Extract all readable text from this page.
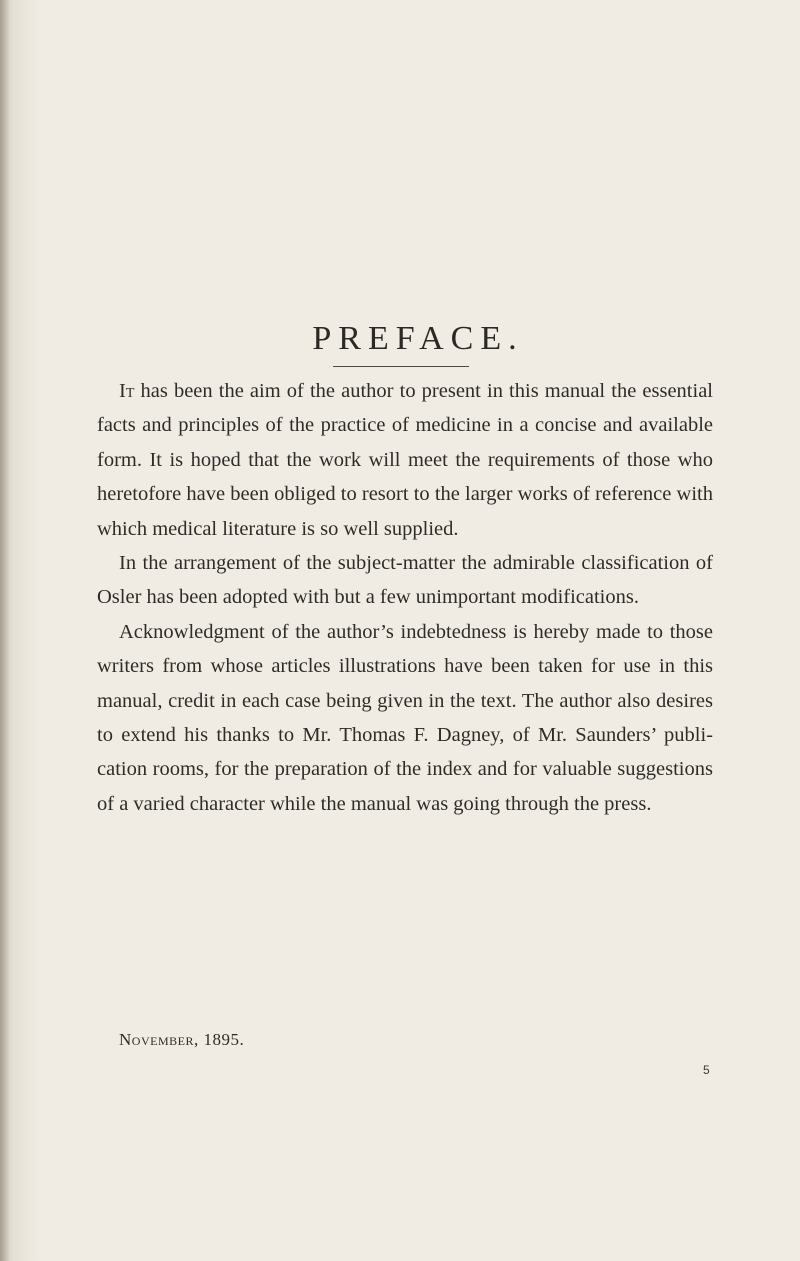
PREFACE.

It has been the aim of the author to present in this manual the essential facts and principles of the practice of medicine in a concise and available form. It is hoped that the work will meet the requirements of those who heretofore have been obliged to resort to the larger works of reference with which medical literature is so well supplied.

In the arrangement of the subject-matter the admirable classification of Osler has been adopted with but a few unimportant modifications.

Acknowledgment of the author’s indebtedness is hereby made to those writers from whose articles illustrations have been taken for use in this manual, credit in each case being given in the text. The author also desires to extend his thanks to Mr. Thomas F. Dagney, of Mr. Saunders’ publication rooms, for the preparation of the index and for valuable suggestions of a varied character while the manual was going through the press.

November, 1895.
5
